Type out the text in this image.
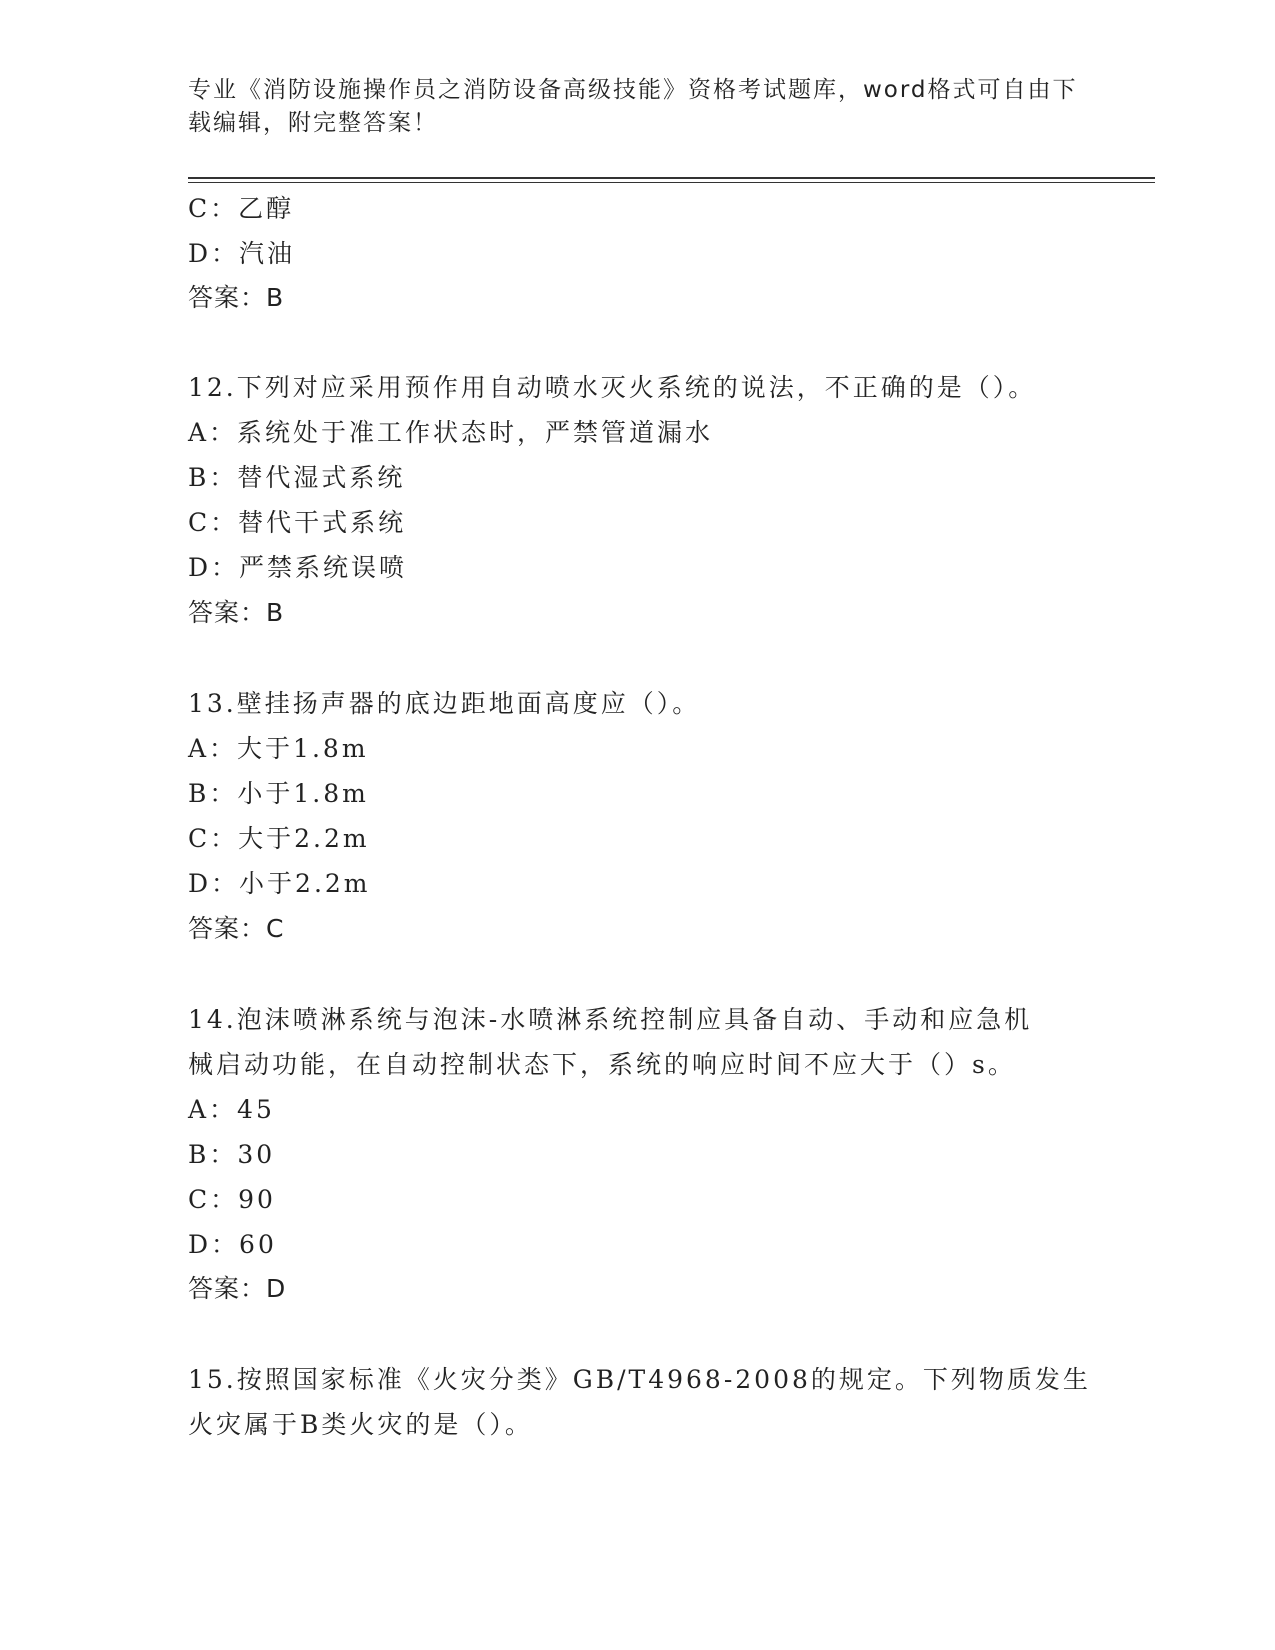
专业《消防设施操作员之消防设备高级技能》资格考试题库，word格式可自由下
载编辑，附完整答案！
C：乙醇
D：汽油
答案：B
12.下列对应采用预作用自动喷水灭火系统的说法，不正确的是（）。
A：系统处于准工作状态时，严禁管道漏水
B：替代湿式系统
C：替代干式系统
D：严禁系统误喷
答案：B
13.壁挂扬声器的底边距地面高度应（）。
A：大于1.8m
B：小于1.8m
C：大于2.2m
D：小于2.2m
答案：C
14.泡沫喷淋系统与泡沫-水喷淋系统控制应具备自动、手动和应急机
械启动功能，在自动控制状态下，系统的响应时间不应大于（）s。
A：45
B：30
C：90
D：60
答案：D
15.按照国家标准《火灾分类》GB/T4968-2008的规定。下列物质发生
火灾属于B类火灾的是（）。
